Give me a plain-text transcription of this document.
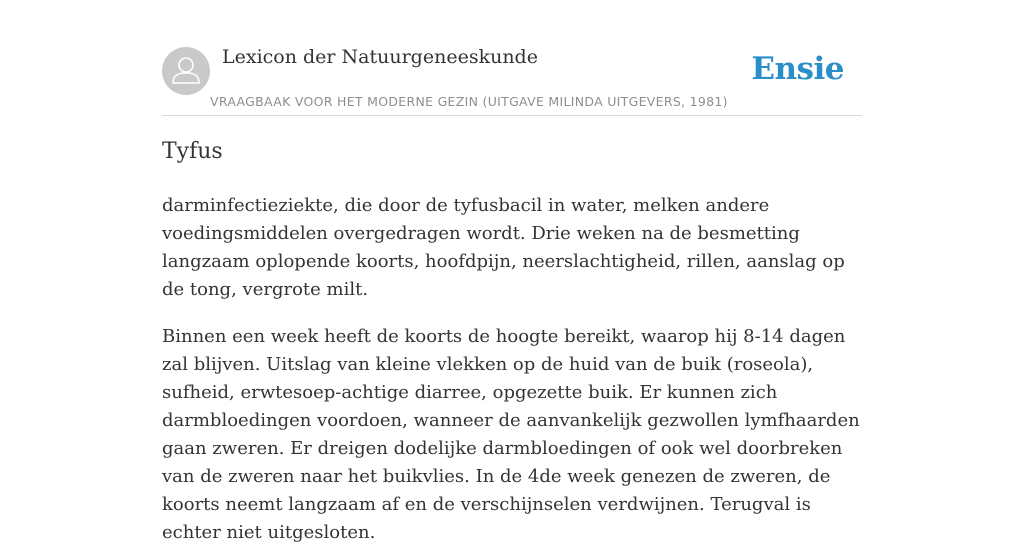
Lexicon der Natuurgeneeskunde
VRAAGBAAK VOOR HET MODERNE GEZIN (UITGAVE MILINDA UITGEVERS, 1981)
Ensie
Tyfus

darminfectieziekte, die door de tyfusbacil in water, melken andere voedingsmiddelen overgedragen wordt. Drie weken na de besmetting langzaam oplopende koorts, hoofdpijn, neerslachtigheid, rillen, aanslag op de tong, vergrote milt.

Binnen een week heeft de koorts de hoogte bereikt, waarop hij 8-14 dagen zal blijven. Uitslag van kleine vlekken op de huid van de buik (roseola), sufheid, erwtesoep-achtige diarree, opgezette buik. Er kunnen zich darmbloedingen voordoen, wanneer de aanvankelijk gezwollen lymfhaarden gaan zweren. Er dreigen dodelijke darmbloedingen of ook wel doorbreken van de zweren naar het buikvlies. In de 4de week genezen de zweren, de koorts neemt langzaam af en de verschijnselen verdwijnen. Terugval is echter niet uitgesloten.
